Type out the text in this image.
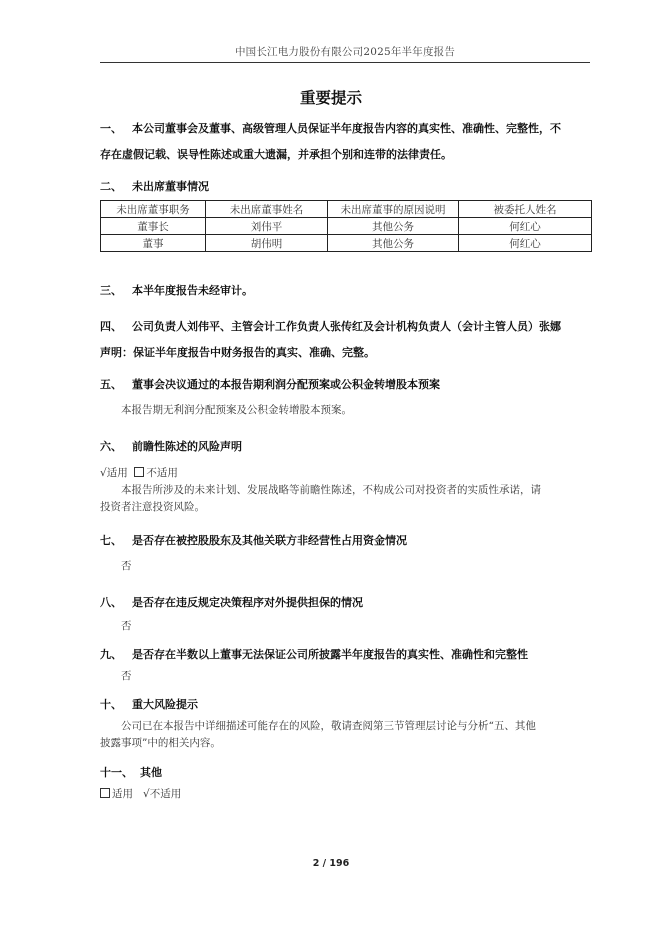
中国长江电力股份有限公司2025年半年度报告
重要提示
一、 本公司董事会及董事、高级管理人员保证半年度报告内容的真实性、准确性、完整性，不
存在虚假记载、误导性陈述或重大遗漏，并承担个别和连带的法律责任。
二、 未出席董事情况
未出席董事职务	未出席董事姓名	未出席董事的原因说明	被委托人姓名
董事长	刘伟平	其他公务	何红心
董事	胡伟明	其他公务	何红心
三、 本半年度报告未经审计。
四、 公司负责人刘伟平、主管会计工作负责人张传红及会计机构负责人（会计主管人员）张娜
声明：保证半年度报告中财务报告的真实、准确、完整。
五、 董事会决议通过的本报告期利润分配预案或公积金转增股本预案
本报告期无利润分配预案及公积金转增股本预案。
六、 前瞻性陈述的风险声明
√适用 不适用
本报告所涉及的未来计划、发展战略等前瞻性陈述，不构成公司对投资者的实质性承诺，请
投资者注意投资风险。
七、 是否存在被控股股东及其他关联方非经营性占用资金情况
否
八、 是否存在违反规定决策程序对外提供担保的情况
否
九、 是否存在半数以上董事无法保证公司所披露半年度报告的真实性、准确性和完整性
否
十、 重大风险提示
公司已在本报告中详细描述可能存在的风险，敬请查阅第三节管理层讨论与分析“五、其他
披露事项”中的相关内容。
十一、 其他
适用 √不适用
2 / 196
